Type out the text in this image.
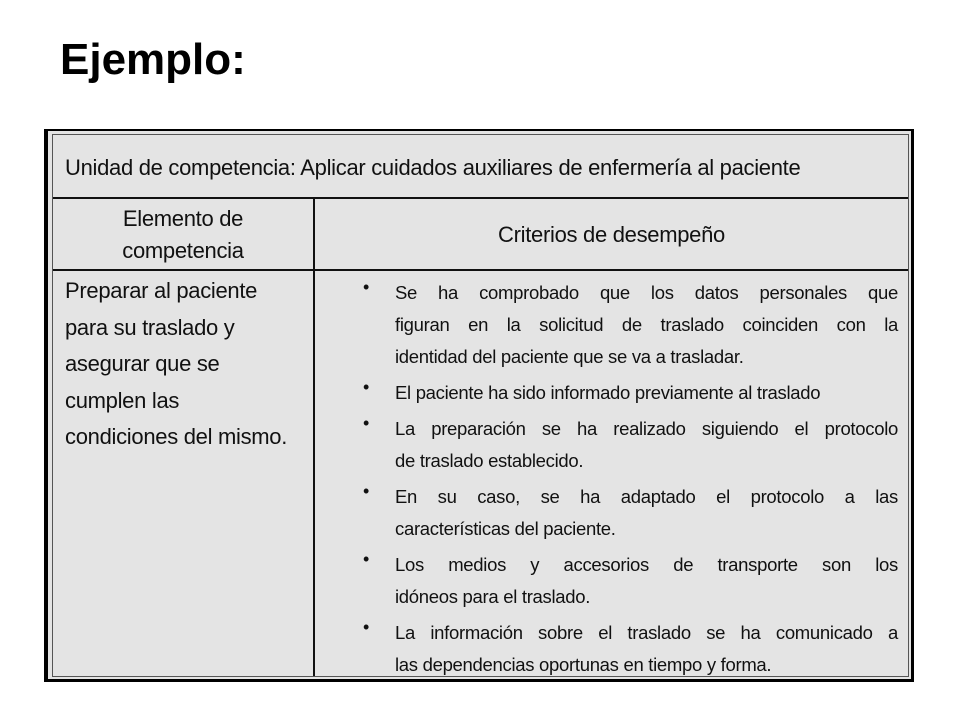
Ejemplo:
Unidad de competencia: Aplicar cuidados auxiliares de enfermería al paciente
Elemento de
competencia
Criterios de desempeño
Preparar al paciente
para su traslado y
asegurar que se
cumplen las
condiciones del mismo.
• Se ha comprobado que los datos personales que
figuran en la solicitud de traslado coinciden con la
identidad del paciente que se va a trasladar.
• El paciente ha sido informado previamente al traslado
• La preparación se ha realizado siguiendo el protocolo
de traslado establecido.
• En su caso, se ha adaptado el protocolo a las
características del paciente.
• Los medios y accesorios de transporte son los
idóneos para el traslado.
• La información sobre el traslado se ha comunicado a
las dependencias oportunas en tiempo y forma.
